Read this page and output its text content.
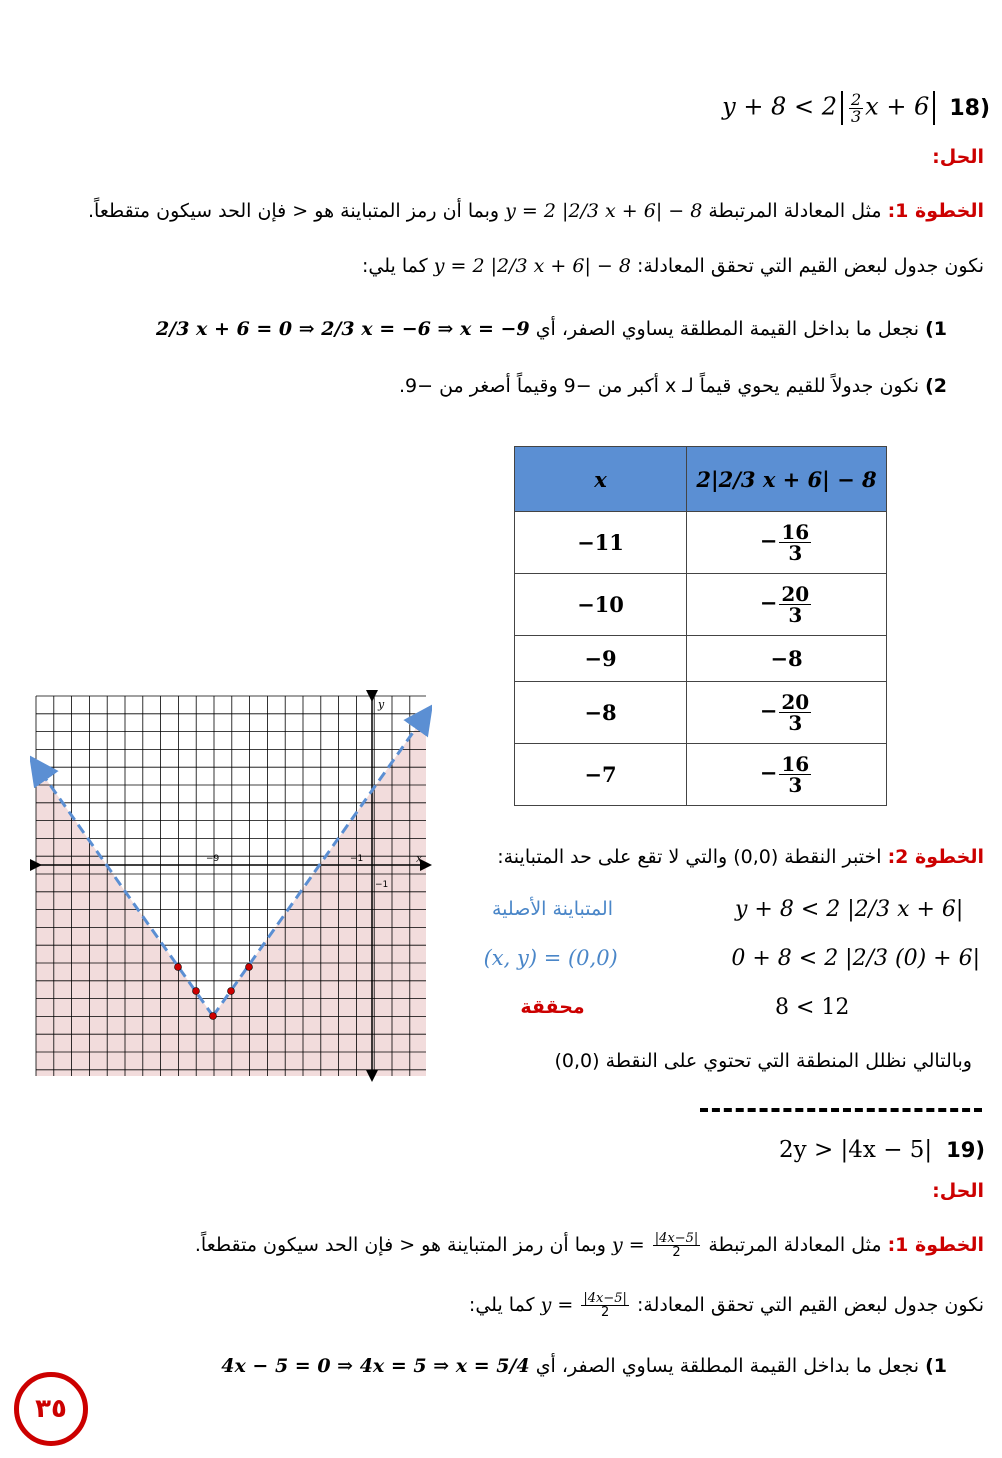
$y + 8 < 2 \frac{2}{3}$ x + 6 18)
الحل:
الخطوة 1: مثل المعادلة المرتبطة y = 2 |2/3 x + 6| − 8 وبما أن رمز المتباينة هو < فإن الحد سيكون متقطعاً.
نكون جدول لبعض القيم التي تحقق المعادلة: y = 2 |2/3 x + 6| − 8 كما يلي:
1) نجعل ما بداخل القيمة المطلقة يساوي الصفر، أي 2/3 x + 6 = 0 ⇒ 2/3 x = −6 ⇒ x = −9
2) نكون جدولاً للقيم يحوي قيماً لـ x أكبر من −9 وقيماً أصغر من −9.
x	2|2/3 x + 6| − 8
−11	− $\frac{16}{3}$

−10	− $\frac{20}{3}$

−9	−8
−8	− $\frac{20}{3}$

−7	− $\frac{16}{3}$
x
y
−9	−1
−1
الخطوة 2: اختبر النقطة (0,0) والتي لا تقع على حد المتباينة:
المتباينة الأصلية	y + 8 < 2 |2/3 x + 6|
(x, y) = (0,0)	0 + 8 < 2 |2/3 (0) + 6|
محققة	8 < 12
وبالتالي نظلل المنطقة التي تحتوي على النقطة (0,0)
2y > |4x − 5| 19)
الحل:
الخطوة 1: مثل المعادلة المرتبطة $y = \frac{|4x-5|}{2}$
وبما أن رمز المتباينة هو < فإن الحد سيكون متقطعاً.
نكون جدول لبعض القيم التي تحقق المعادلة: $y = \frac{|4x-5|}{2}$
كما يلي:
1) نجعل ما بداخل القيمة المطلقة يساوي الصفر، أي 4x − 5 = 0 ⇒ 4x = 5 ⇒ x = 5/4
٣٥
